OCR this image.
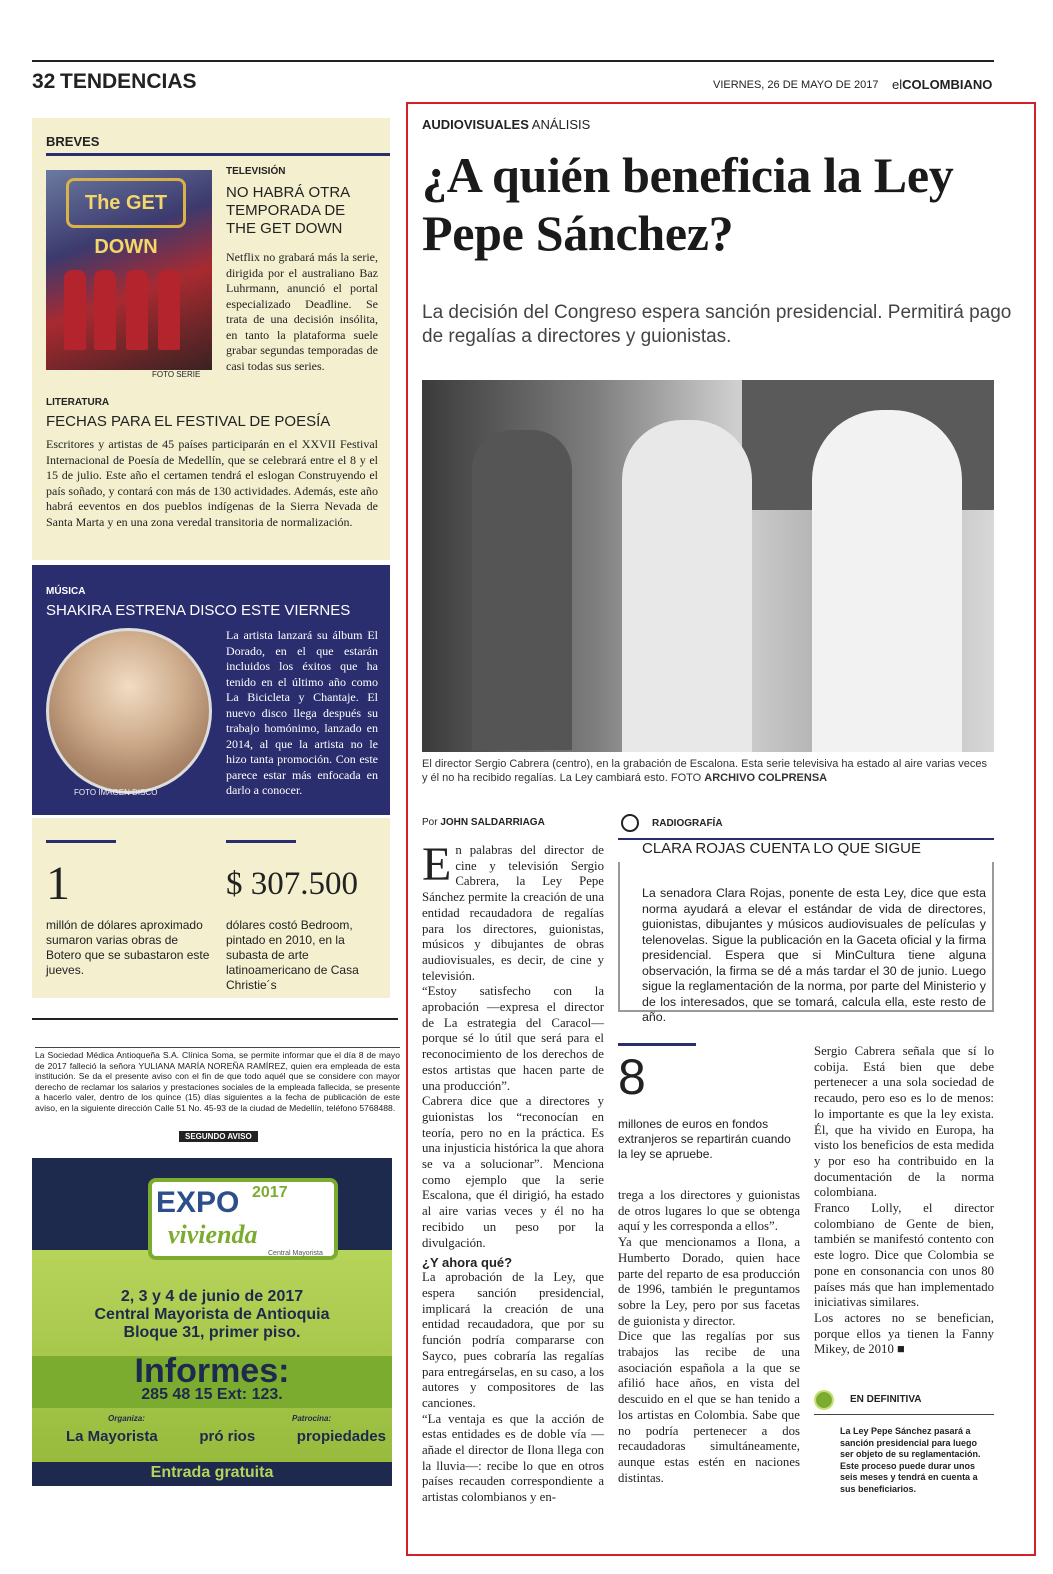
32 TENDENCIAS	VIERNES, 26 DE MAYO DE 2017 elCOLOMBIANO
BREVES
The GET DOWN
FOTO SERIE
TELEVISIÓN
NO HABRÁ OTRA TEMPORADA DE THE GET DOWN

Netflix no grabará más la serie, dirigida por el australiano Baz Luhrmann, anunció el portal especializado Deadline. Se trata de una decisión insólita, en tanto la plataforma suele grabar segundas temporadas de casi todas sus series.

LITERATURA
FECHAS PARA EL FESTIVAL DE POESÍA

Escritores y artistas de 45 países participarán en el XXVII Festival Internacional de Poesía de Medellín, que se celebrará entre el 8 y el 15 de julio. Este año el certamen tendrá el eslogan Construyendo el país soñado, y contará con más de 130 actividades. Además, este año habrá eeventos en dos pueblos indígenas de la Sierra Nevada de Santa Marta y en una zona veredal transitoria de normalización.

MÚSICA
SHAKIRA ESTRENA DISCO ESTE VIERNES
FOTO IMAGEN DISCO

La artista lanzará su álbum El Dorado, en el que estarán incluidos los éxitos que ha tenido en el último año como La Bicicleta y Chantaje. El nuevo disco llega después su trabajo homónimo, lanzado en 2014, al que la artista no le hizo tanta promoción. Con este parece estar más enfocada en darlo a conocer.

1	$ 307.500
millón de dólares aproximado sumaron varias obras de Botero que se subastaron este jueves.
dólares costó Bedroom, pintado en 2010, en la subasta de arte latinoamericano de Casa Christie´s

La Sociedad Médica Antioqueña S.A. Clínica Soma, se permite informar que el día 8 de mayo de 2017 falleció la señora YULIANA MARÍA NOREÑA RAMÍREZ, quien era empleada de esta institución. Se da el presente aviso con el fin de que todo aquél que se considere con mayor derecho de reclamar los salarios y prestaciones sociales de la empleada fallecida, se presente a hacerlo valer, dentro de los quince (15) días siguientes a la fecha de publicación de este aviso, en la siguiente dirección Calle 51 No. 45-93 de la ciudad de Medellín, teléfono 5768488.

SEGUNDO AVISO
EXPO 2017
vivienda
Central Mayorista
2, 3 y 4 de junio de 2017
Central Mayorista de Antioquia
Bloque 31, primer piso.
Informes:
285 48 15 Ext: 123.
Organiza:	Patrocina:
La Mayorista	pró rios	propiedades
Entrada gratuita
AUDIOVISUALES ANÁLISIS
¿A quién beneficia la Ley Pepe Sánchez?
La decisión del Congreso espera sanción presidencial. Permitirá pago de regalías a directores y guionistas.
El director Sergio Cabrera (centro), en la grabación de Escalona. Esta serie televisiva ha estado al aire varias veces y él no ha recibido regalías. La Ley cambiará esto. FOTO ARCHIVO COLPRENSA
Por JOHN SALDARRIAGA

En palabras del director de cine y televisión Sergio Cabrera, la Ley Pepe Sánchez permite la creación de una entidad recaudadora de regalías para los directores, guionistas, músicos y dibujantes de obras audiovisuales, es decir, de cine y televisión.

“Estoy satisfecho con la aprobación —expresa el director de La estrategia del Caracol— porque sé lo útil que será para el reconocimiento de los derechos de estos artistas que hacen parte de una producción”.

Cabrera dice que a directores y guionistas los “reconocían en teoría, pero no en la práctica. Es una injusticia histórica la que ahora se va a solucionar”. Menciona como ejemplo que la serie Escalona, que él dirigió, ha estado al aire varias veces y él no ha recibido un peso por la divulgación.

¿Y ahora qué?

La aprobación de la Ley, que espera sanción presidencial, implicará la creación de una entidad recaudadora, que por su función podría compararse con Sayco, pues cobraría las regalías para entregárselas, en su caso, a los autores y compositores de las canciones.

“La ventaja es que la acción de estas entidades es de doble vía —añade el director de Ilona llega con la lluvia—: recibe lo que en otros países recauden correspondiente a artistas colombianos y en-

RADIOGRAFÍA
CLARA ROJAS CUENTA LO QUE SIGUE

La senadora Clara Rojas, ponente de esta Ley, dice que esta norma ayudará a elevar el estándar de vida de directores, guionistas, dibujantes y músicos audiovisuales de películas y telenovelas. Sigue la publicación en la Gaceta oficial y la firma presidencial. Espera que si MinCultura tiene alguna observación, la firma se dé a más tardar el 30 de junio. Luego sigue la reglamentación de la norma, por parte del Ministerio y de los interesados, que se tomará, calcula ella, este resto de año.

8
millones de euros en fondos extranjeros se repartirán cuando la ley se apruebe.

trega a los directores y guionistas de otros lugares lo que se obtenga aquí y les corresponda a ellos”.

Ya que mencionamos a Ilona, a Humberto Dorado, quien hace parte del reparto de esa producción de 1996, también le preguntamos sobre la Ley, pero por sus facetas de guionista y director.

Dice que las regalías por sus trabajos las recibe de una asociación española a la que se afilió hace años, en vista del descuido en el que se han tenido a los artistas en Colombia. Sabe que no podría pertenecer a dos recaudadoras simultáneamente, aunque estas estén en naciones distintas.

Sergio Cabrera señala que sí lo cobija. Está bien que debe pertenecer a una sola sociedad de recaudo, pero eso es lo de menos: lo importante es que la ley exista. Él, que ha vivido en Europa, ha visto los beneficios de esta medida y por eso ha contribuido en la documentación de la norma colombiana.

Franco Lolly, el director colombiano de Gente de bien, también se manifestó contento con este logro. Dice que Colombia se pone en consonancia con unos 80 países más que han implementado iniciativas similares.

Los actores no se benefician, porque ellos ya tienen la Fanny Mikey, de 2010 ■

EN DEFINITIVA

La Ley Pepe Sánchez pasará a sanción presidencial para luego ser objeto de su reglamentación. Este proceso puede durar unos seis meses y tendrá en cuenta a sus beneficiarios.
